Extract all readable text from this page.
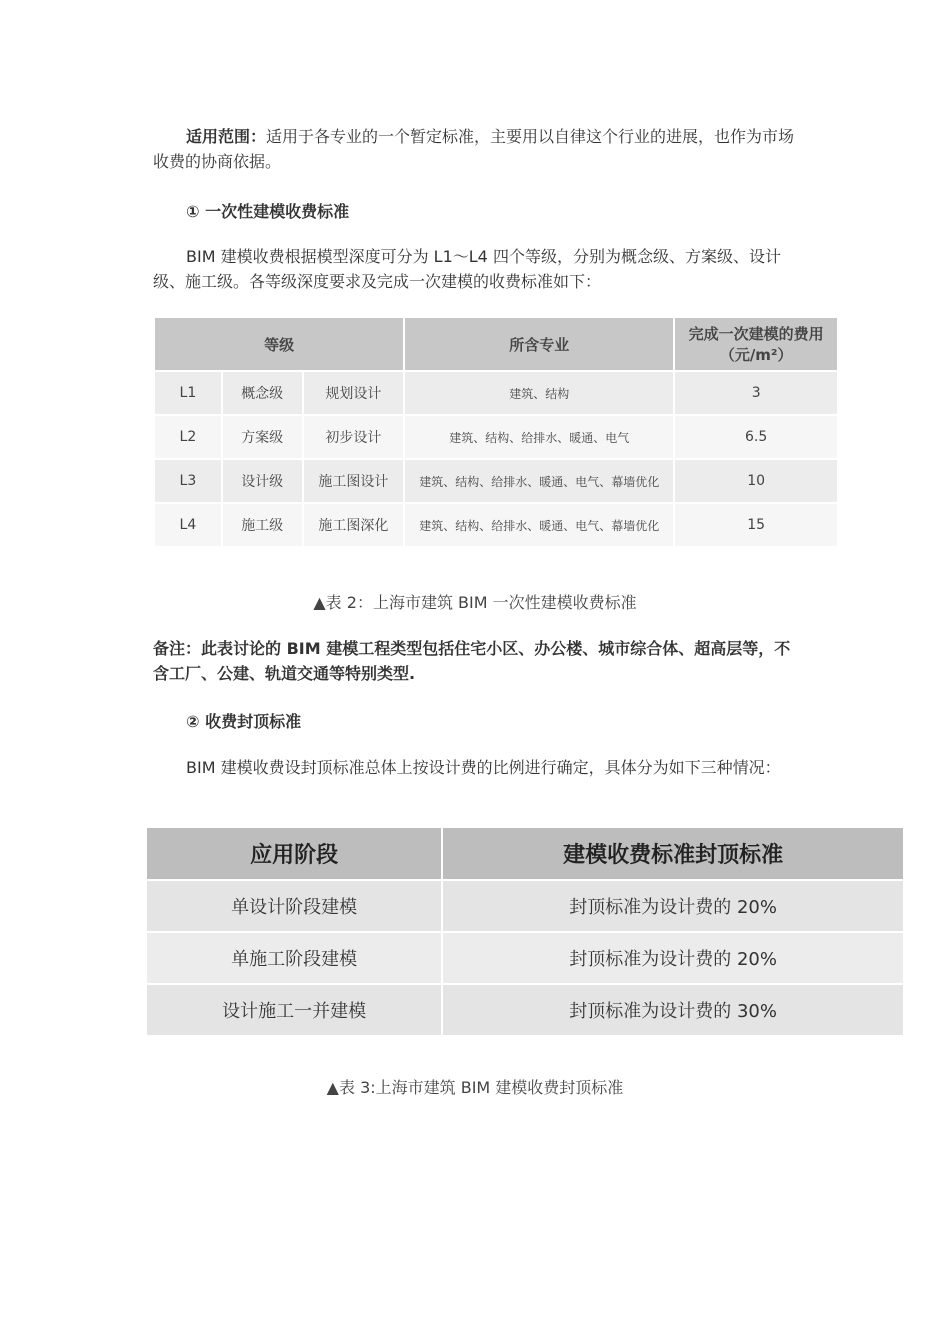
适用范围：适用于各专业的一个暂定标准，主要用以自律这个行业的进展，也作为市场收费的协商依据。

① 一次性建模收费标准

BIM 建模收费根据模型深度可分为 L1～L4 四个等级，分别为概念级、方案级、设计级、施工级。各等级深度要求及完成一次建模的收费标准如下：

等级			所含专业	完成一次建模的费用
（元/m²）
L1	概念级	规划设计	建筑、结构	3
L2	方案级	初步设计	建筑、结构、给排水、暖通、电气	6.5
L3	设计级	施工图设计	建筑、结构、给排水、暖通、电气、幕墙优化	10
L4	施工级	施工图深化	建筑、结构、给排水、暖通、电气、幕墙优化	15

▲表 2：上海市建筑 BIM 一次性建模收费标准

备注：此表讨论的 BIM 建模工程类型包括住宅小区、办公楼、城市综合体、超高层等，不含工厂、公建、轨道交通等特别类型.

② 收费封顶标准

BIM 建模收费设封顶标准总体上按设计费的比例进行确定，具体分为如下三种情况：

应用阶段	建模收费标准封顶标准
单设计阶段建模	封顶标准为设计费的 20%
单施工阶段建模	封顶标准为设计费的 20%
设计施工一并建模	封顶标准为设计费的 30%

▲表 3:上海市建筑 BIM 建模收费封顶标准
